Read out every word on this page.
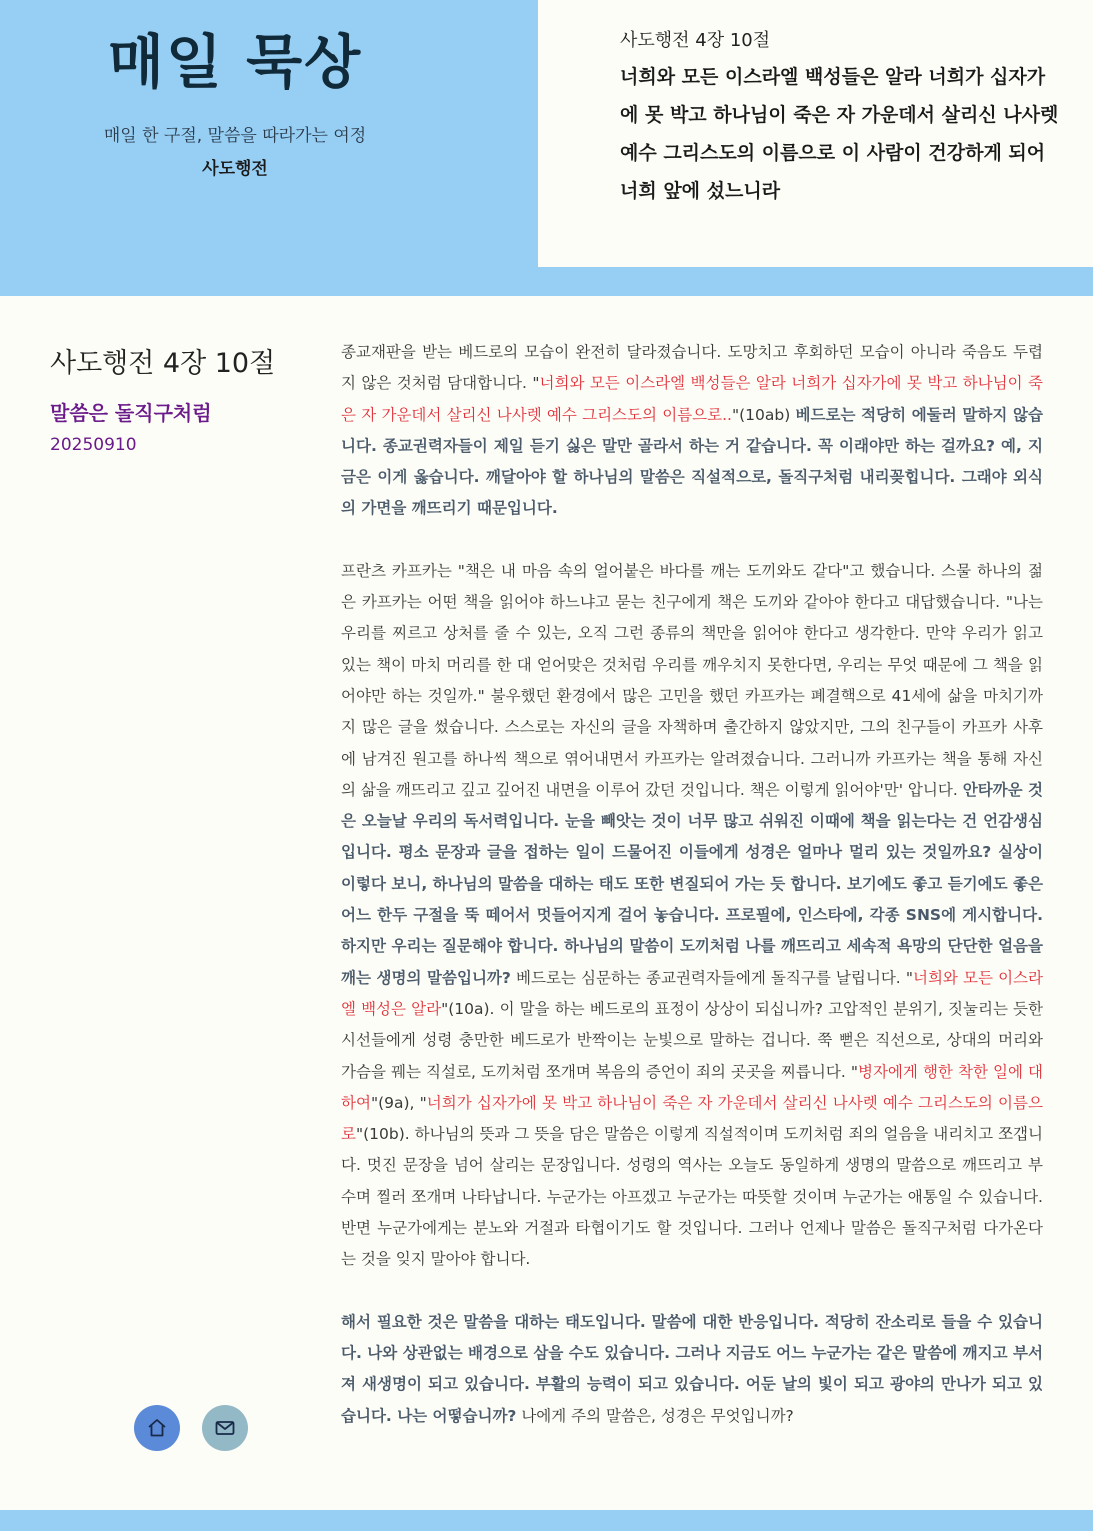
매일 묵상
매일 한 구절, 말씀을 따라가는 여정
사도행전
사도행전 4장 10절
너희와 모든 이스라엘 백성들은 알라 너희가 십자가에 못 박고 하나님이 죽은 자 가운데서 살리신 나사렛 예수 그리스도의 이름으로 이 사람이 건강하게 되어 너희 앞에 섰느니라
사도행전 4장 10절
말씀은 돌직구처럼
20250910

종교재판을 받는 베드로의 모습이 완전히 달라졌습니다. 도망치고 후회하던 모습이 아니라 죽음도 두렵지 않은 것처럼 담대합니다. "너희와 모든 이스라엘 백성들은 알라 너희가 십자가에 못 박고 하나님이 죽은 자 가운데서 살리신 나사렛 예수 그리스도의 이름으로.."(10ab) 베드로는 적당히 에둘러 말하지 않습니다. 종교권력자들이 제일 듣기 싫은 말만 골라서 하는 거 같습니다. 꼭 이래야만 하는 걸까요? 예, 지금은 이게 옳습니다. 깨달아야 할 하나님의 말씀은 직설적으로, 돌직구처럼 내리꽂힙니다. 그래야 외식의 가면을 깨뜨리기 때문입니다.

프란츠 카프카는 "책은 내 마음 속의 얼어붙은 바다를 깨는 도끼와도 같다"고 했습니다. 스물 하나의 젊은 카프카는 어떤 책을 읽어야 하느냐고 묻는 친구에게 책은 도끼와 같아야 한다고 대답했습니다. "나는 우리를 찌르고 상처를 줄 수 있는, 오직 그런 종류의 책만을 읽어야 한다고 생각한다. 만약 우리가 읽고 있는 책이 마치 머리를 한 대 얻어맞은 것처럼 우리를 깨우치지 못한다면, 우리는 무엇 때문에 그 책을 읽어야만 하는 것일까." 불우했던 환경에서 많은 고민을 했던 카프카는 폐결핵으로 41세에 삶을 마치기까지 많은 글을 썼습니다. 스스로는 자신의 글을 자책하며 출간하지 않았지만, 그의 친구들이 카프카 사후에 남겨진 원고를 하나씩 책으로 엮어내면서 카프카는 알려졌습니다. 그러니까 카프카는 책을 통해 자신의 삶을 깨뜨리고 깊고 깊어진 내면을 이루어 갔던 것입니다. 책은 이렇게 읽어야'만' 압니다. 안타까운 것은 오늘날 우리의 독서력입니다. 눈을 빼앗는 것이 너무 많고 쉬워진 이때에 책을 읽는다는 건 언감생심입니다. 평소 문장과 글을 접하는 일이 드물어진 이들에게 성경은 얼마나 멀리 있는 것일까요? 실상이 이렇다 보니, 하나님의 말씀을 대하는 태도 또한 변질되어 가는 듯 합니다. 보기에도 좋고 듣기에도 좋은 어느 한두 구절을 뚝 떼어서 멋들어지게 걸어 놓습니다. 프로필에, 인스타에, 각종 SNS에 게시합니다. 하지만 우리는 질문해야 합니다. 하나님의 말씀이 도끼처럼 나를 깨뜨리고 세속적 욕망의 단단한 얼음을 깨는 생명의 말씀입니까? 베드로는 심문하는 종교권력자들에게 돌직구를 날립니다. "너희와 모든 이스라엘 백성은 알라"(10a). 이 말을 하는 베드로의 표정이 상상이 되십니까? 고압적인 분위기, 짓눌리는 듯한 시선들에게 성령 충만한 베드로가 반짝이는 눈빛으로 말하는 겁니다. 쭉 뻗은 직선으로, 상대의 머리와 가슴을 꿰는 직설로, 도끼처럼 쪼개며 복음의 증언이 죄의 곳곳을 찌릅니다. "병자에게 행한 착한 일에 대하여"(9a), "너희가 십자가에 못 박고 하나님이 죽은 자 가운데서 살리신 나사렛 예수 그리스도의 이름으로"(10b). 하나님의 뜻과 그 뜻을 담은 말씀은 이렇게 직설적이며 도끼처럼 죄의 얼음을 내리치고 쪼갭니다. 멋진 문장을 넘어 살리는 문장입니다. 성령의 역사는 오늘도 동일하게 생명의 말씀으로 깨뜨리고 부수며 찔러 쪼개며 나타납니다. 누군가는 아프겠고 누군가는 따뜻할 것이며 누군가는 애통일 수 있습니다. 반면 누군가에게는 분노와 거절과 타협이기도 할 것입니다. 그러나 언제나 말씀은 돌직구처럼 다가온다는 것을 잊지 말아야 합니다.

해서 필요한 것은 말씀을 대하는 태도입니다. 말씀에 대한 반응입니다. 적당히 잔소리로 들을 수 있습니다. 나와 상관없는 배경으로 삼을 수도 있습니다. 그러나 지금도 어느 누군가는 같은 말씀에 깨지고 부서져 새생명이 되고 있습니다. 부활의 능력이 되고 있습니다. 어둔 날의 빛이 되고 광야의 만나가 되고 있습니다. 나는 어떻습니까? 나에게 주의 말씀은, 성경은 무엇입니까?
